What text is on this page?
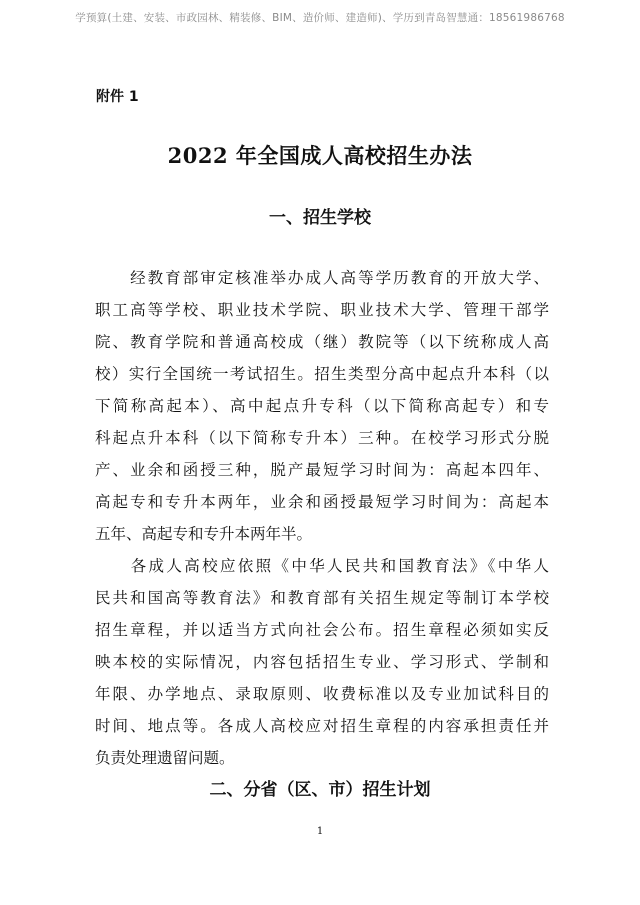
学预算(土建、安装、市政园林、精装修、BIM、造价师、建造师)、学历到青岛智慧通：18561986768
附件 1
2022 年全国成人高校招生办法
一、招生学校
　　经教育部审定核准举办成人高等学历教育的开放大学、
职工高等学校、职业技术学院、职业技术大学、管理干部学
院、教育学院和普通高校成（继）教院等（以下统称成人高
校）实行全国统一考试招生。招生类型分高中起点升本科（以
下简称高起本）、高中起点升专科（以下简称高起专）和专
科起点升本科（以下简称专升本）三种。在校学习形式分脱
产、业余和函授三种，脱产最短学习时间为：高起本四年、
高起专和专升本两年，业余和函授最短学习时间为：高起本
五年、高起专和专升本两年半。
　　各成人高校应依照《中华人民共和国教育法》《中华人
民共和国高等教育法》和教育部有关招生规定等制订本学校
招生章程，并以适当方式向社会公布。招生章程必须如实反
映本校的实际情况，内容包括招生专业、学习形式、学制和
年限、办学地点、录取原则、收费标准以及专业加试科目的
时间、地点等。各成人高校应对招生章程的内容承担责任并
负责处理遗留问题。
二、分省（区、市）招生计划
1
